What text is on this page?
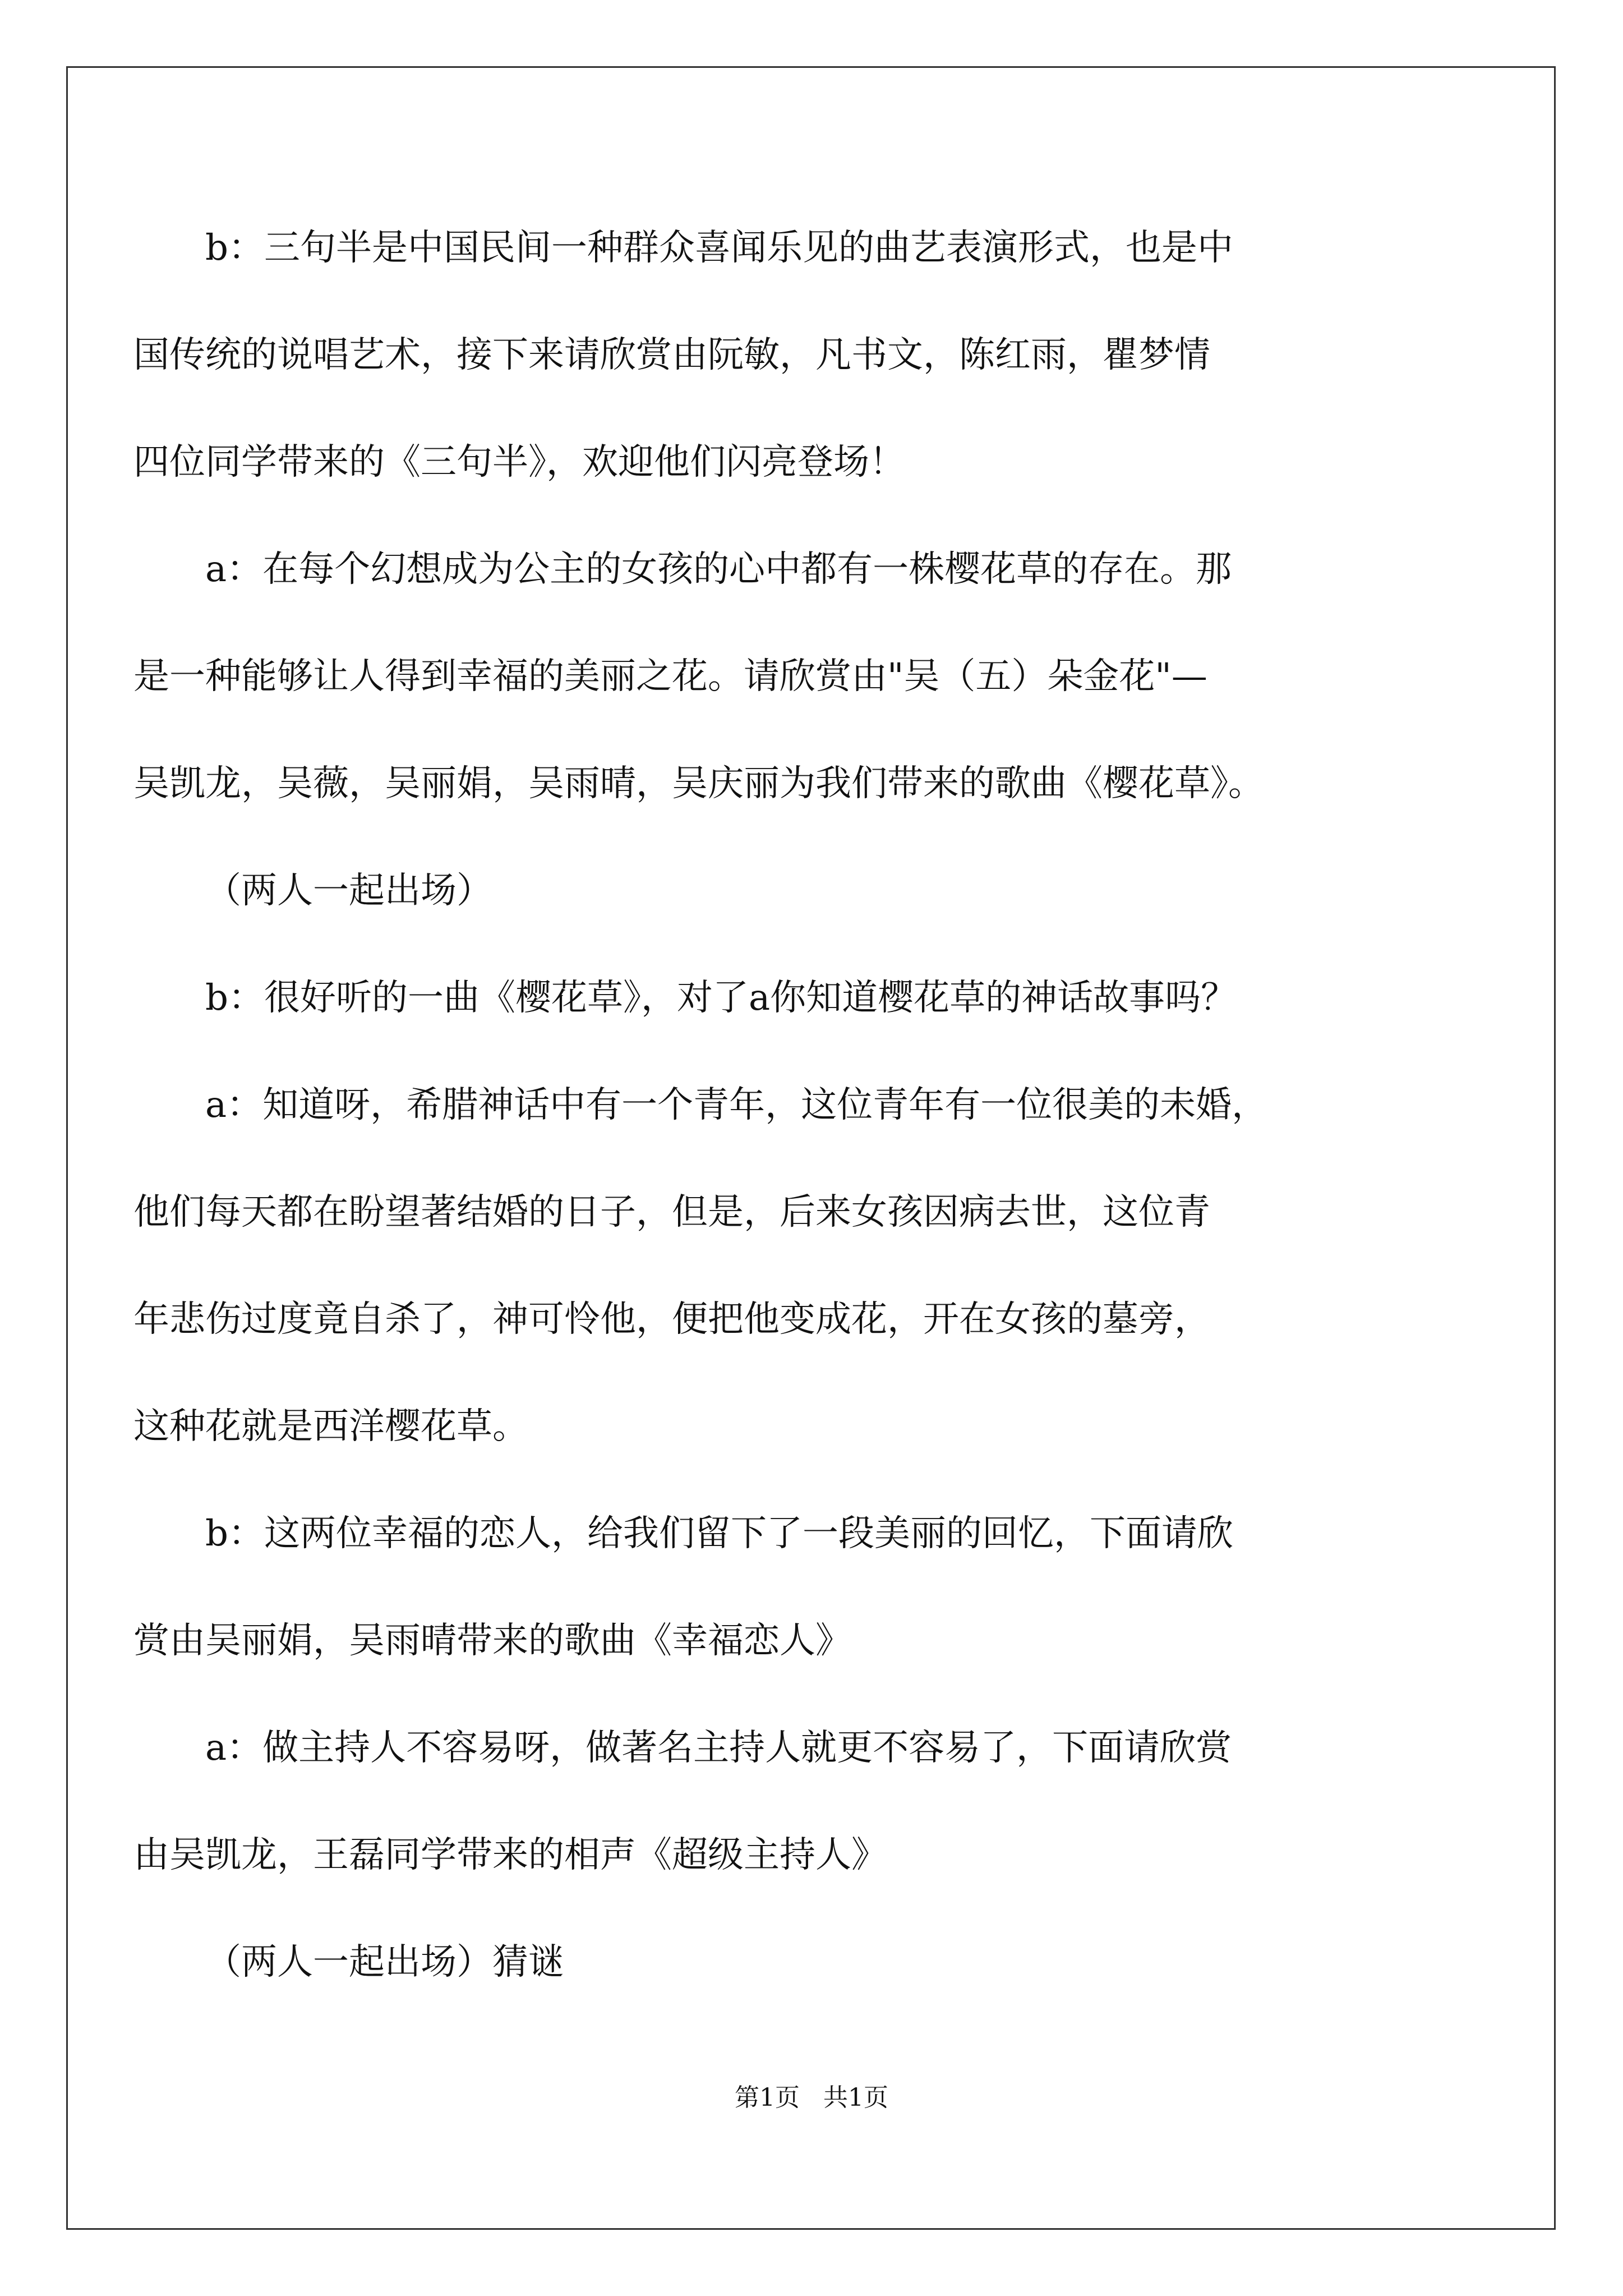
b：三句半是中国民间一种群众喜闻乐见的曲艺表演形式，也是中
国传统的说唱艺术，接下来请欣赏由阮敏，凡书文，陈红雨，瞿梦情
四位同学带来的《三句半》，欢迎他们闪亮登场！
a：在每个幻想成为公主的女孩的心中都有一株樱花草的存在。那
是一种能够让人得到幸福的美丽之花。请欣赏由"吴（五）朵金花"—
吴凯龙，吴薇，吴丽娟，吴雨晴，吴庆丽为我们带来的歌曲《樱花草》。
（两人一起出场）
b：很好听的一曲《樱花草》，对了a你知道樱花草的神话故事吗？
a：知道呀，希腊神话中有一个青年，这位青年有一位很美的未婚，
他们每天都在盼望著结婚的日子，但是，后来女孩因病去世，这位青
年悲伤过度竟自杀了，神可怜他，便把他变成花，开在女孩的墓旁，
这种花就是西洋樱花草。
b：这两位幸福的恋人，给我们留下了一段美丽的回忆，下面请欣
赏由吴丽娟，吴雨晴带来的歌曲《幸福恋人》
a：做主持人不容易呀，做著名主持人就更不容易了，下面请欣赏
由吴凯龙，王磊同学带来的相声《超级主持人》
（两人一起出场）猜谜
第1页   共1页
